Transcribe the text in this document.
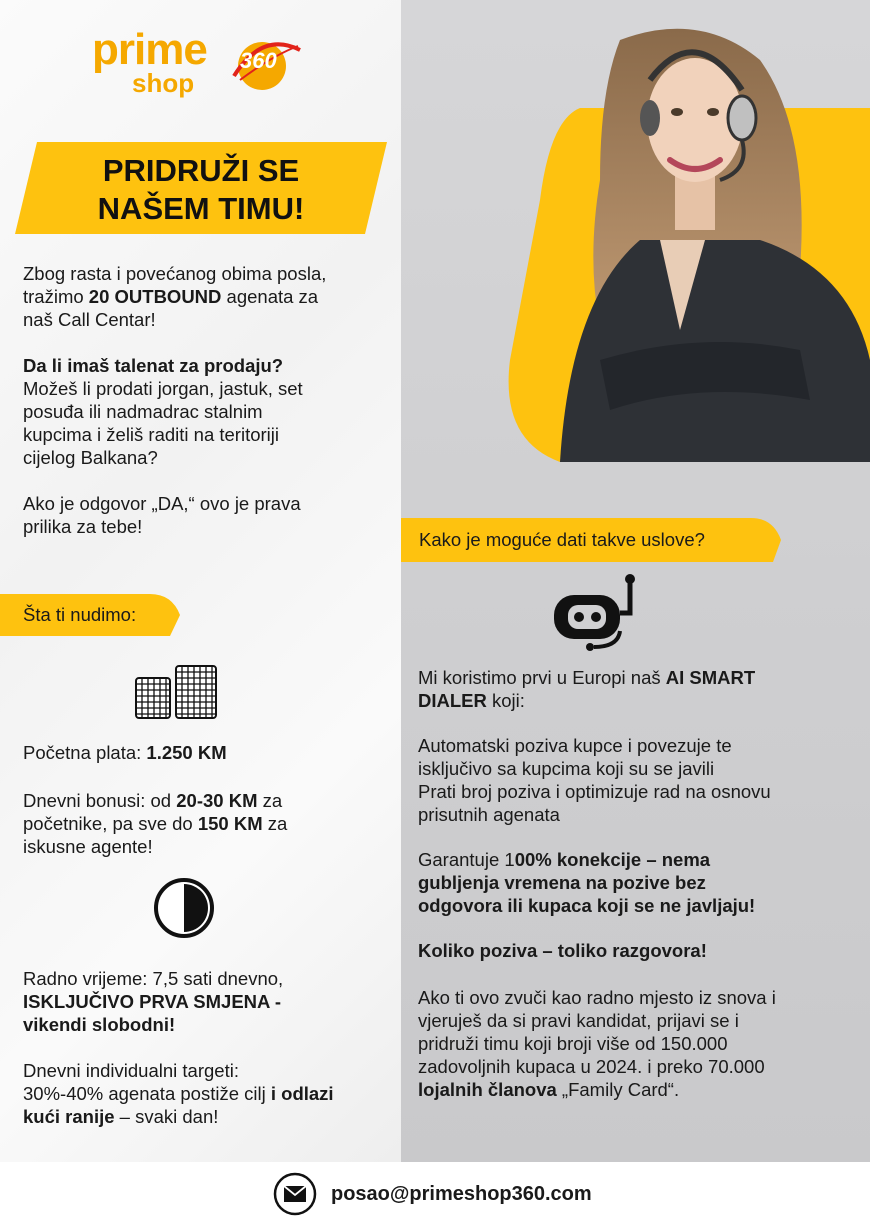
prime
shop
360
PRIDRUŽI SE
NAŠEM TIMU!
Zbog rasta i povećanog obima posla,
tražimo 20 OUTBOUND agenata za
naš Call Centar!
Da li imaš talenat za prodaju?
Možeš li prodati jorgan, jastuk, set
posuđa ili nadmadrac stalnim
kupcima i želiš raditi na teritoriji
cijelog Balkana?
Ako je odgovor „DA,“ ovo je prava
prilika za tebe!
Šta ti nudimo:
Početna plata: 1.250 KM
Dnevni bonusi: od 20-30 KM za
početnike, pa sve do 150 KM za
iskusne agente!
Radno vrijeme: 7,5 sati dnevno,
ISKLJUČIVO PRVA SMJENA -
vikendi slobodni!
Dnevni individualni targeti:
30%-40% agenata postiže cilj i odlazi
kući ranije – svaki dan!
Kako je moguće dati takve uslove?
Mi koristimo prvi u Europi naš AI SMART
DIALER koji:
Automatski poziva kupce i povezuje te
isključivo sa kupcima koji su se javili
Prati broj poziva i optimizuje rad na osnovu
prisutnih agenata
Garantuje 100% konekcije – nema
gubljenja vremena na pozive bez
odgovora ili kupaca koji se ne javljaju!
Koliko poziva – toliko razgovora!
Ako ti ovo zvuči kao radno mjesto iz snova i
vjeruješ da si pravi kandidat, prijavi se i
pridruži timu koji broji više od 150.000
zadovoljnih kupaca u 2024. i preko 70.000
lojalnih članova „Family Card“.
posao@primeshop360.com
